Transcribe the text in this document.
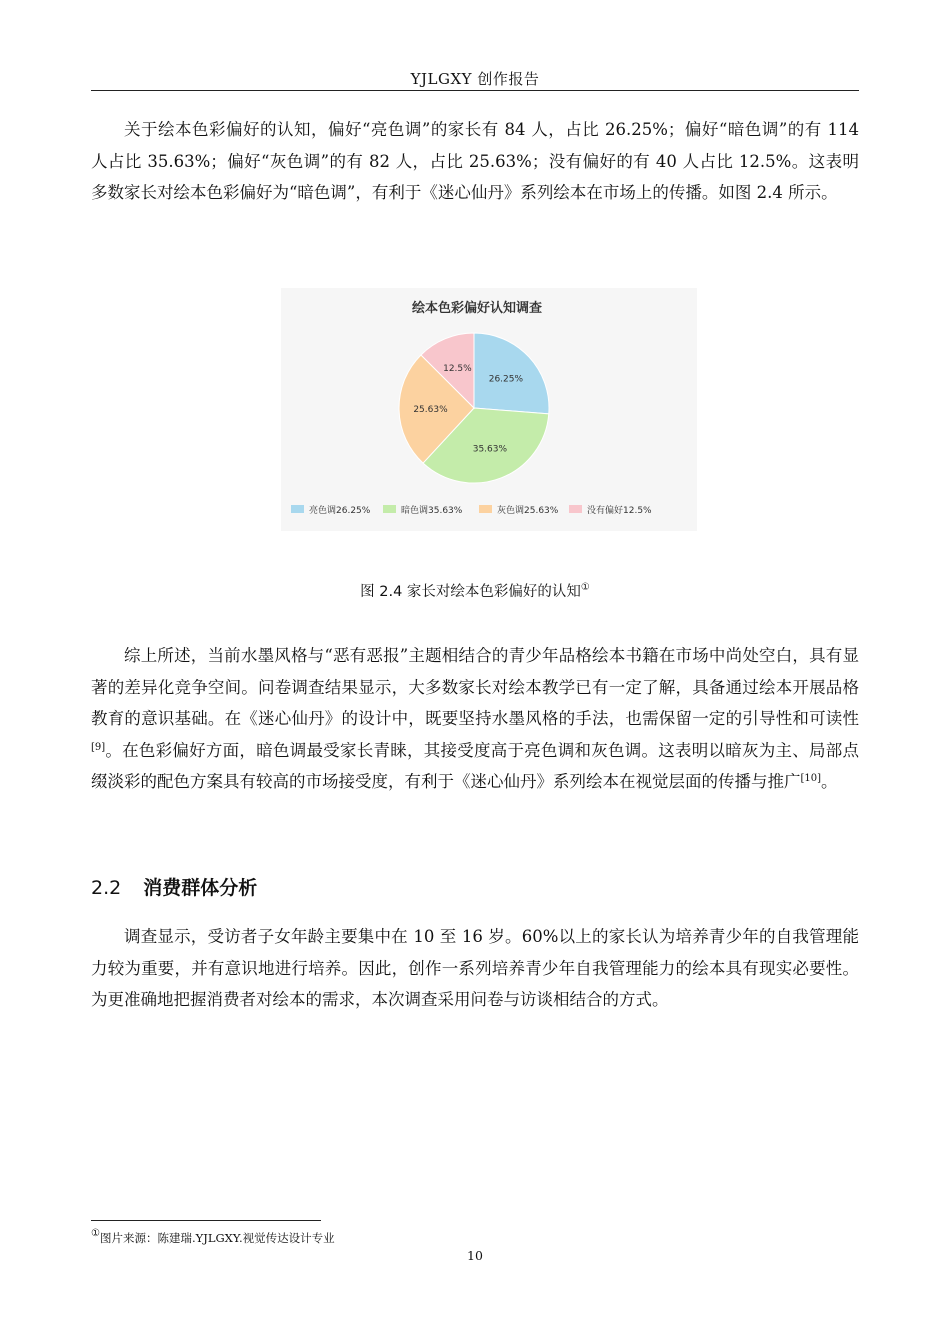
YJLGXY 创作报告

关于绘本色彩偏好的认知，偏好“亮色调”的家长有 84 人，占比 26.25%；偏好“暗色调”的有 114 人占比 35.63%；偏好“灰色调”的有 82 人，占比 25.63%；没有偏好的有 40 人占比 12.5%。这表明多数家长对绘本色彩偏好为“暗色调”，有利于《迷心仙丹》系列绘本在市场上的传播。如图 2.4 所示。

绘本色彩偏好认知调查
26.25%
35.63%
25.63%
12.5%
亮色调26.25%	暗色调35.63%	灰色调25.63%	没有偏好12.5%
图 2.4 家长对绘本色彩偏好的认知①

综上所述，当前水墨风格与“恶有恶报”主题相结合的青少年品格绘本书籍在市场中尚处空白，具有显著的差异化竞争空间。问卷调查结果显示，大多数家长对绘本教学已有一定了解，具备通过绘本开展品格教育的意识基础。在《迷心仙丹》的设计中，既要坚持水墨风格的手法，也需保留一定的引导性和可读性[9]。在色彩偏好方面，暗色调最受家长青睐，其接受度高于亮色调和灰色调。这表明以暗灰为主、局部点缀淡彩的配色方案具有较高的市场接受度，有利于《迷心仙丹》系列绘本在视觉层面的传播与推广[10]。

2.2 消费群体分析

调查显示，受访者子女年龄主要集中在 10 至 16 岁。60%以上的家长认为培养青少年的自我管理能力较为重要，并有意识地进行培养。因此，创作一系列培养青少年自我管理能力的绘本具有现实必要性。为更准确地把握消费者对绘本的需求，本次调查采用问卷与访谈相结合的方式。

①图片来源：陈建瑞.YJLGXY.视觉传达设计专业
10
